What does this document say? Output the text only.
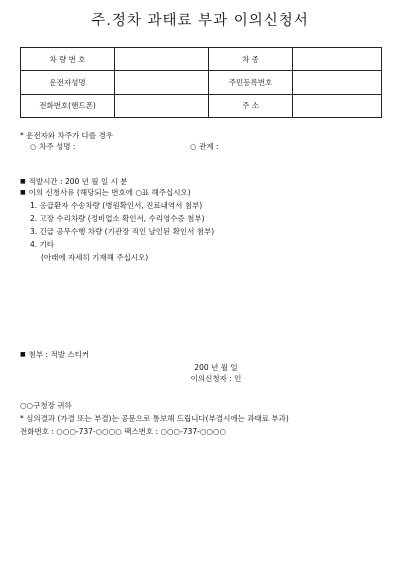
주.정차 과태료 부과 이의신청서
차 량 번 호		차 종	
운전자성명		주민등록번호	
전화번호(핸드폰)		주 소	
* 운전자와 차주가 다를 경우
○ 차주 성명 :	○ 관계 :
■ 적발시간 : 200 년 월 일 시 분
■ 이의 신청사유 (해당되는 번호에 ○표 해주십시오)
1. 응급환자 수송차량 (병원확인서, 진료내역서 첨부)
2. 고장 수리차량 (정비업소 확인서, 수리영수증 첨부)
3. 긴급 공무수행 차량 (기관장 직인 날인된 확인서 첨부)
4. 기타
(아래에 자세히 기재해 주십시오)
■ 첨부 : 적발 스티커
200 년 월 일
이의신청자 : 인
○○구청장 귀하
* 심의결과 (가결 또는 부결)는 공문으로 통보해 드립니다(부결시에는 과태료 부과)
전화번호 : ○○○-737-○○○○ 팩스번호 : ○○○-737-○○○○
